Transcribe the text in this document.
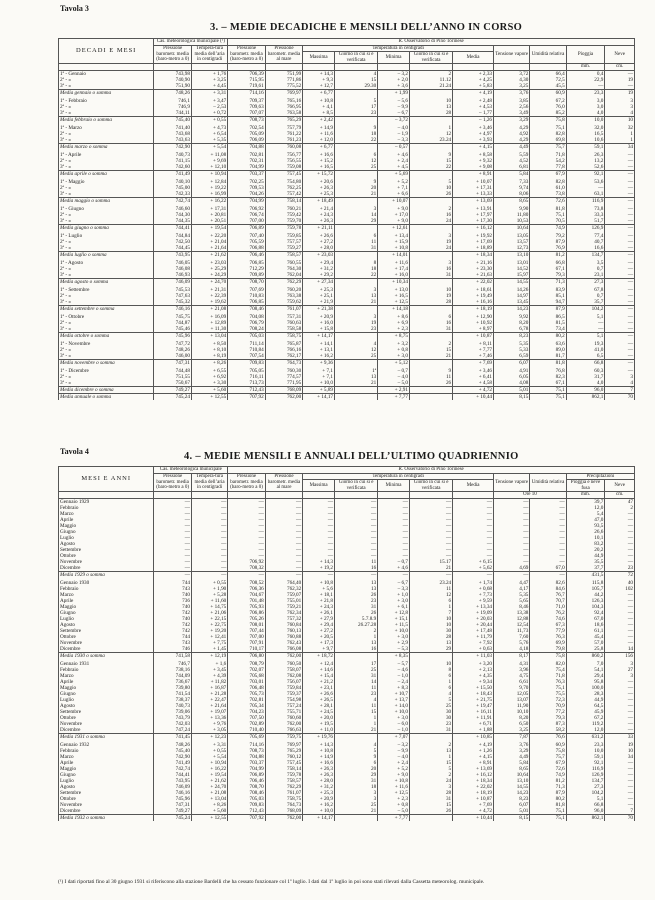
Tavola 3
3. – MEDIE DECADICHE E MENSILI DELL’ANNO IN CORSO
DECADI E MESI	Cas. meteorologica municipale (¹)		R. Osservatorio di Pino Torinese										
	Pressione barometr. media (baro-metro a 0)	Tempera-tura media dell’aria in centigradi	Pressione barometr. media (baro-metro a 0)	Pressione barometr. media al mare	Temperatura in centigradi					Tensione vapore	Umidità relativa	Pioggia	Neve
					Massima	Giorno in cui si è verificata	Minima	Giorno in cui si è verificata	Media				
												mm.	cm.
1ª - Gennaio	743,98	+ 1,76	706,39	751,99	+ 14,3	4	– 3,2	2	+ 2,33	3,72	66,4	0,4	—
2ª - »	740,90	+ 3,25	715,95	771,86	+ 9,3	15	+ 2,0	11.12	+ 4,25	4,30	72,5	22,9	19
3ª - »	751,90	+ 4,45	719,61	775,52	+ 12,7	29.30	+ 3,6	21.24	+ 5,83	3,25	45,5	—	—
Media gennaio o somma	748,26	+ 3,31	714,16	769,97	+ 6,77		+ 1,99		+ 4,19	3,76	60,9	23,3	19

1ª - Febbraio	746,1	+ 3,47	709,37	765,16	+ 10,8	5	– 5,6	10	+ 2,48	3,85	67,2	3,0	3
2ª - »	746,9	– 2,53	709,63	766,95	+ 4,1	17	– 9,9	13	+ 4,53	2,56	76,0	3,0	3
3ª - »	744,11	+ 0,72	707,07	763,58	+ 8,5	23	– 6,7	28	– 1,77	3,49	85,2	4,0	4
Media febbraio o somma	745,40	+ 0,55	708,73	765,29	+ 2,42		– 3,72		– 1,26	3,29	75,8	10,0	10

1ª - Marzo	741,40	+ 4,73	702,54	757,79	+ 14,9	9	– 4,0	1	+ 3,46	4,29	75,1	32,0	32
2ª - »	743,68	+ 6,54	705,09	761,22	+ 11,6	18	– 1,9	12	+ 4,97	4,92	82,8	16,5	1
3ª - »	743,63	+ 5,35	706,09	761,23	+ 12,0	22	– 3,3	23.24	+ 3,93	4,29	69,8	10,6	1
Media marzo o somma	742,90	+ 5,54	704,88	760,08	+ 6,77		– 0,57		+ 4,15	4,49	75,7	59,1	34

1ª - Aprile	740,73	+ 11,08	702,81	756,77	+ 16,6	6	+ 4,6	9	+ 8,58	5,59	71,8	26,3	—
2ª - »	741,15	+ 9,69	702,31	756,55	+ 15,2	12	+ 2,4	15	+ 9,32	4,52	54,2	13,2	—
3ª - »	742,60	+ 12,10	704,99	759,08	+ 16,5	25	+ 4,5	22	+ 9,08	6,81	77,8	52,6	—
Media aprile o somma	741,49	+ 10,94	703,37	757,45	+ 15,72		+ 5,69		+ 8,91	5,84	67,9	92,1	—

1ª - Maggio	740,10	+ 12,84	702,25	754,80	+ 20,6	9	+ 5,2	5	+ 10,07	7,33	82,8	53,6	—
2ª - »	745,00	+ 19,22	709,53	762,25	+ 26,3	20	+ 7,1	10	+ 17,31	9,74	61,0	—	—
3ª - »	742,33	+ 16,99	704,26	757,42	+ 25,3	21	+ 6,6	26	+ 13,33	8,06	73,8	63,1	—
Media maggio o somma	742,74	+ 16,22	704,99	758,14	+ 18,49		+ 10,07		+ 13,69	8,65	72,6	116,9	—

1ª - Giugno	746,60	+ 17,31	706,92	760,21	+ 21,4	3	+ 9,0	2	+ 13,91	9,90	81,8	73,8	—
2ª - »	744,30	+ 20,81	706,74	759,42	+ 24,3	14	+ 17,0	16	+ 17,97	11,80	75,1	33,3	—
3ª - »	744,35	+ 20,51	707,00	759,70	+ 26,3	29	+ 9,0	24	+ 17,30	10,53	70,5	51,7	—
Media giugno o somma	744,41	+ 19,54	706,89	759,78	+ 21,11		+ 12,61		+ 16,12	10,64	74,9	126,9	—

1ª - Luglio	744,84	+ 22,20	707,40	759,85	+ 26,6	6	+ 13,4	3	+ 19,92	13,05	79,2	77,4	—
2ª - »	742,50	+ 21,04	705,59	757,57	+ 27,2	11	+ 15,9	19	+ 17,69	13,57	87,9	40,7	—
3ª - »	744,45	+ 21,64	706,88	759,27	+ 28,0	31	+ 10,8	24	+ 18,89	12,73	76,9	16,6	—
Media luglio o somma	743,95	+ 21,62	706,46	758,57	+ 23,03		+ 14,01		+ 18,34	13,10	81,2	134,7	—

1ª - Agosto	746,05	+ 23,03	706,85	760,55	+ 29,4	8	+ 11,6	3	+ 21,16	13,01	66,8	3,5	—
2ª - »	746,08	+ 25,29	712,29	764,30	+ 31,2	18	+ 17,4	16	+ 23,30	14,52	67,1	0,7	—
3ª - »	746,93	+ 24,29	709,89	762,04	+ 29,2	22	+ 16,0	31	+ 21,63	15,97	79,3	23,1	—
Media agosto o somma	746,09	+ 24,70	708,70	762,29	+ 27,34		+ 10,34		+ 22,02	14,55	71,3	27,3	—

1ª - Settembre	745,53	+ 21,31	707,69	760,20	+ 25,3	3	+ 13,0	10	+ 18,61	14,26	83,9	67,8	—
2ª - »	747,63	+ 22,39	710,83	763,38	+ 25,1	13	+ 16,5	19	+ 19,49	14,97	85,1	0,7	—
3ª - »	745,32	+ 19,62	706,85	759,62	+ 21,9	21	+ 12,5	28	+ 16,16	13,45	94,7	35,7	—
Media settembre o somma	746,16	+ 21,08	708,46	761,07	+ 21,38		+ 14,18		+ 18,19	14,23	87,9	104,2	—

1ª - Ottobre	745,75	+ 16,09	704,08	757,31	+ 20,9	3	+ 8,6	6	+ 12,90	9,92	86,5	5,1	—
2ª - »	744,87	+ 12,89	706,79	760,63	+ 16,0	19	+ 6,9	16	+ 10,92	8,20	81,5	—	—
3ª - »	745,46	+ 11,30	708,24	758,58	+ 15,8	23	+ 2,3	31	+ 8,97	6,78	73,4	—	—
Media ottobre o somma	745,96	+ 13,04	705,03	758,75	+ 14,17		+ 8,75		+ 10,87	8,23	80,2	5,1	—

1ª - Novembre	747,72	+ 8,50	711,14	765,87	+ 14,1	4	+ 3,2	2	+ 8,11	5,35	63,6	19,3	—
2ª - »	748,26	+ 8,10	710,84	766,16	+ 13,1	12	+ 0,8	15	+ 7,77	5,33	89,0	41,0	—
3ª - »	746,00	+ 8,19	707,54	762,17	+ 16,2	25	+ 3,0	21	+ 7,46	6,59	81,7	6,5	—
Media novembre o somma	747,31	+ 8,26	709,83	764,73	+ 9,36		+ 5,12		+ 7,69	6,07	81,8	66,8	—

1ª - Dicembre	744,48	+ 6,55	705,05	760,30	+ 7,1	1ª	– 0,7	9	+ 3,46	4,91	76,8	60,3	—
2ª - »	751,55	+ 6,92	716,11	774,57	+ 7,1	13	– 4,0	11	+ 6,41	6,05	82,3	31,7	3
3ª - »	750,67	+ 3,30	713,73	771,95	+ 10,0	21	– 5,0	26	+ 4,58	4,08	67,1	4,0	4
Media dicembre o somma	749,27	+ 5,60	712,43	768,09	+ 5,89		+ 2,91		+ 4,72	5,01	75,1	96,0	7
Media annuale o somma	745,24	+ 12,55	707,92	762,00	+ 14,17		+ 7,77		+ 10,44	8,15	75,1	862,1	70
Tavola 4	4. – MEDIE MENSILI E ANNUALI DELL’ULTIMO QUADRIENNIO
MESI E ANNI	Cas. meteorologica municipale		R. Osservatorio di Pino Torinese										
	Pressione barometr. media (baro-metro a 0)	Tempera-tura media dell’aria in centigradi	Pressione barometr. media (baro-metro a 0)	Pressione barometr. media al mare	Temperatura in centigradi					Tensione vapore	Umidità relativa	Precipitazioni	
					Massima	Giorno in cui si è verificata	Minima	Giorno in cui si è verificata	Media			Pioggia e neve fusa	Neve
										Ore 10		mm.	cm.
Gennaio 1929	—	—	—	—	—	—	—	—	—	—	—	39,7	47
Febbraio	—	—	—	—	—	—	—	—	—	—	—	12,0	2
Marzo	—	—	—	—	—	—	—	—	—	—	—	5,4	—
Aprile	—	—	—	—	—	—	—	—	—	—	—	47,0	—
Maggio	—	—	—	—	—	—	—	—	—	—	—	93,5	—
Giugno	—	—	—	—	—	—	—	—	—	—	—	26,6	—
Luglio	—	—	—	—	—	—	—	—	—	—	—	10,1	—
Agosto	—	—	—	—	—	—	—	—	—	—	—	83,2	—
Settembre	—	—	—	—	—	—	—	—	—	—	—	20,2	—
Ottobre	—	—	—	—	—	—	—	—	—	—	—	44,9	—
Novembre	—	—	706,92	—	+ 14,3	11	– 0,7	15.17	+ 6,15	—	—	35,5	—
Dicembre	—	—	708,32	—	+ 19,2	16	+ 4,6	21	+ 5,62	4,69	67,0	37,7	23
Media 1929 o somma	—	—	—	—	—	—	—	—	—	—	—	431,5	72

Gennaio 1930	744	+ 0,55	708,52	764,40	+ 10,8	13	– 6,7	23.24	+ 1,74	4,47	82,6	115,8	40
Febbraio	743	+ 1,90	706,36	762,32	+ 5,6	13	– 3,3	11	+ 0,68	4,17	84,6	105,7	102
Marzo	740	+ 5,28	704,67	759,07	+ 18,1	26	+ 1,0	12	+ 7,73	5,35	76,7	44,2	—
Aprile	736	+ 11,60	701,48	755,01	+ 21,8	23	+ 3,0	6	+ 9,59	5,65	70,7	126,3	—
Maggio	740	+ 14,75	705,93	759,21	+ 24,3	31	+ 6,1	1	+ 13,34	8,46	71,0	104,3	—
Giugno	742	+ 21,06	706,86	762,34	+ 26,1	26	+ 12,8	7	+ 19,09	13,38	76,2	92,4	—
Luglio	740	+ 22,15	705,26	757,32	+ 27,9	5.7.8.9	+ 15,1	10	+ 20,03	12,88	74,6	67,0	—
Agosto	742	+ 22,75	708,01	760,84	+ 29,4	26.27.28	+ 11,5	10	+ 20,44	12,54	67,3	18,6	—
Settembre	742	+ 19,20	707,44	760,13	+ 27,2	2	+ 10,0	30	+ 17,48	11,73	77,9	61,1	—
Ottobre	744	+ 12,41	707,00	760,88	+ 20,5	1	+ 3,0	28	+ 11,79	7,60	76,3	45,4	—
Novembre	743	+ 7,75	707,91	762,43	+ 17,3	13	+ 2,9	13	+ 7,92	5,76	69,9	57,0	—
Dicembre	746	+ 1,45	710,17	766,08	+ 9,7	16	– 5,3	29	+ 0,63	4,18	79,8	25,8	14
Media 1930 o somma	741,58	+ 12,19	706,80	762,00	+ 18,72		+ 8,35		+ 11,03	8,17	75,8	860,2	156

Gennaio 1931	746,7	+ 1,6	708,79	760,50	+ 12,4	17	– 5,7	10	+ 3,20	4,31	82,0	7,0	3
Febbraio	738,16	+ 3,45	702,07	758,07	+ 14,6	25	– 4,6	8	+ 2,13	3,96	75,4	54,1	27
Marzo	744,09	+ 4,39	705,68	762,08	+ 15,4	31	– 1,0	6	+ 4,35	4,75	71,8	29,4	3
Aprile	736,67	+ 11,82	703,01	756,07	+ 21,2	14	– 2,4	1	+ 9,34	6,61	76,3	95,8	—
Maggio	739,80	+ 16,87	706,48	759,84	+ 23,1	11	+ 8,3	6	+ 15,50	9,70	75,1	100,0	—
Giugno	741,54	+ 21,28	705,73	759,37	+ 26,6	23	+ 10,7	4	+ 18,43	12,05	75,5	28,3	—
Luglio	738,37	+ 22,47	702,81	754,98	+ 26,5	4	+ 13,7	5	+ 21,75	13,07	72,3	44,9	—
Agosto	740,73	+ 21,64	705,34	757,24	+ 28,1	11	+ 14,0	25	+ 19,47	11,90	70,9	64,5	—
Settembre	739,06	+ 19,07	704,23	755,71	+ 24,5	15	+ 10,0	30	+ 16,11	10,10	77,2	45,9	—
Ottobre	743,79	+ 13,36	707,50	760,60	+ 20,0	1	+ 3,0	30	+ 11,91	8,20	79,3	67,2	—
Novembre	742,03	+ 9,76	702,89	762,00	+ 19,5	1	– 6,0	23	+ 6,71	6,50	87,3	119,2	—
Dicembre	747,24	+ 3,05	710,40	766,63	+ 11,0	21	– 1,0	31	+ 1,88	3,25	58,2	12,0	—
Media 1931 o somma	741,45	+ 12,23	705,69	759,75	+ 19,76		+ 7,07		+ 10,85	7,87	76,6	631,2	33

Gennaio 1932	748,26	+ 3,31	714,16	769,97	+ 14,3	4	– 3,2	2	+ 4,19	3,76	60,9	23,3	19
Febbraio	745,40	+ 0,55	708,73	765,29	+ 10,8	5	– 9,9	13	+ 1,26	3,29	75,8	10,0	10
Marzo	742,90	+ 5,54	704,88	760,12	+ 14,9	9	– 4,0	1	+ 4,15	4,49	75,7	59,1	34
Aprile	741,49	+ 10,94	703,37	757,45	+ 16,6	6	+ 2,4	15	+ 8,91	5,84	67,9	92,1	—
Maggio	742,74	+ 16,22	704,99	758,14	+ 26,3	20	+ 5,2	5	+ 13,69	8,65	72,6	116,9	—
Giugno	744,41	+ 19,54	706,89	759,78	+ 26,3	29	+ 9,0	2	+ 16,12	10,64	74,9	126,9	—
Luglio	743,95	+ 21,62	706,46	758,57	+ 28,0	31	+ 10,8	24	+ 18,34	13,10	81,2	134,7	—
Agosto	746,09	+ 24,70	708,70	762,29	+ 31,2	18	+ 11,6	3	+ 22,02	14,55	71,3	27,3	—
Settembre	746,16	+ 21,08	708,46	761,07	+ 25,3	3	+ 12,5	28	+ 18,19	14,23	87,9	104,2	—
Ottobre	745,96	+ 13,04	705,03	758,75	+ 20,9	3	+ 2,3	31	+ 10,87	8,23	80,2	5,1	—
Novembre	747,31	+ 8,26	709,83	764,73	+ 16,2	25	+ 0,8	15	+ 7,69	6,07	81,8	66,8	—
Dicembre	749,27	+ 5,60	712,43	768,09	+ 10,0	21	– 5,0	26	+ 4,72	5,01	75,1	96,0	7
Media 1932 o somma	745,24	+ 12,55	707,92	762,00	+ 14,17		+ 7,77		+ 10,44	8,15	75,1	862,1	70
(¹) I dati riportati fino al 30 giugno 1931 si riferiscono alla stazione Bardelli che ha cessato funzionare col 1º luglio. I dati dal 1º luglio in poi sono stati rilevati dalla Cassetta meteorolog. municipale.
